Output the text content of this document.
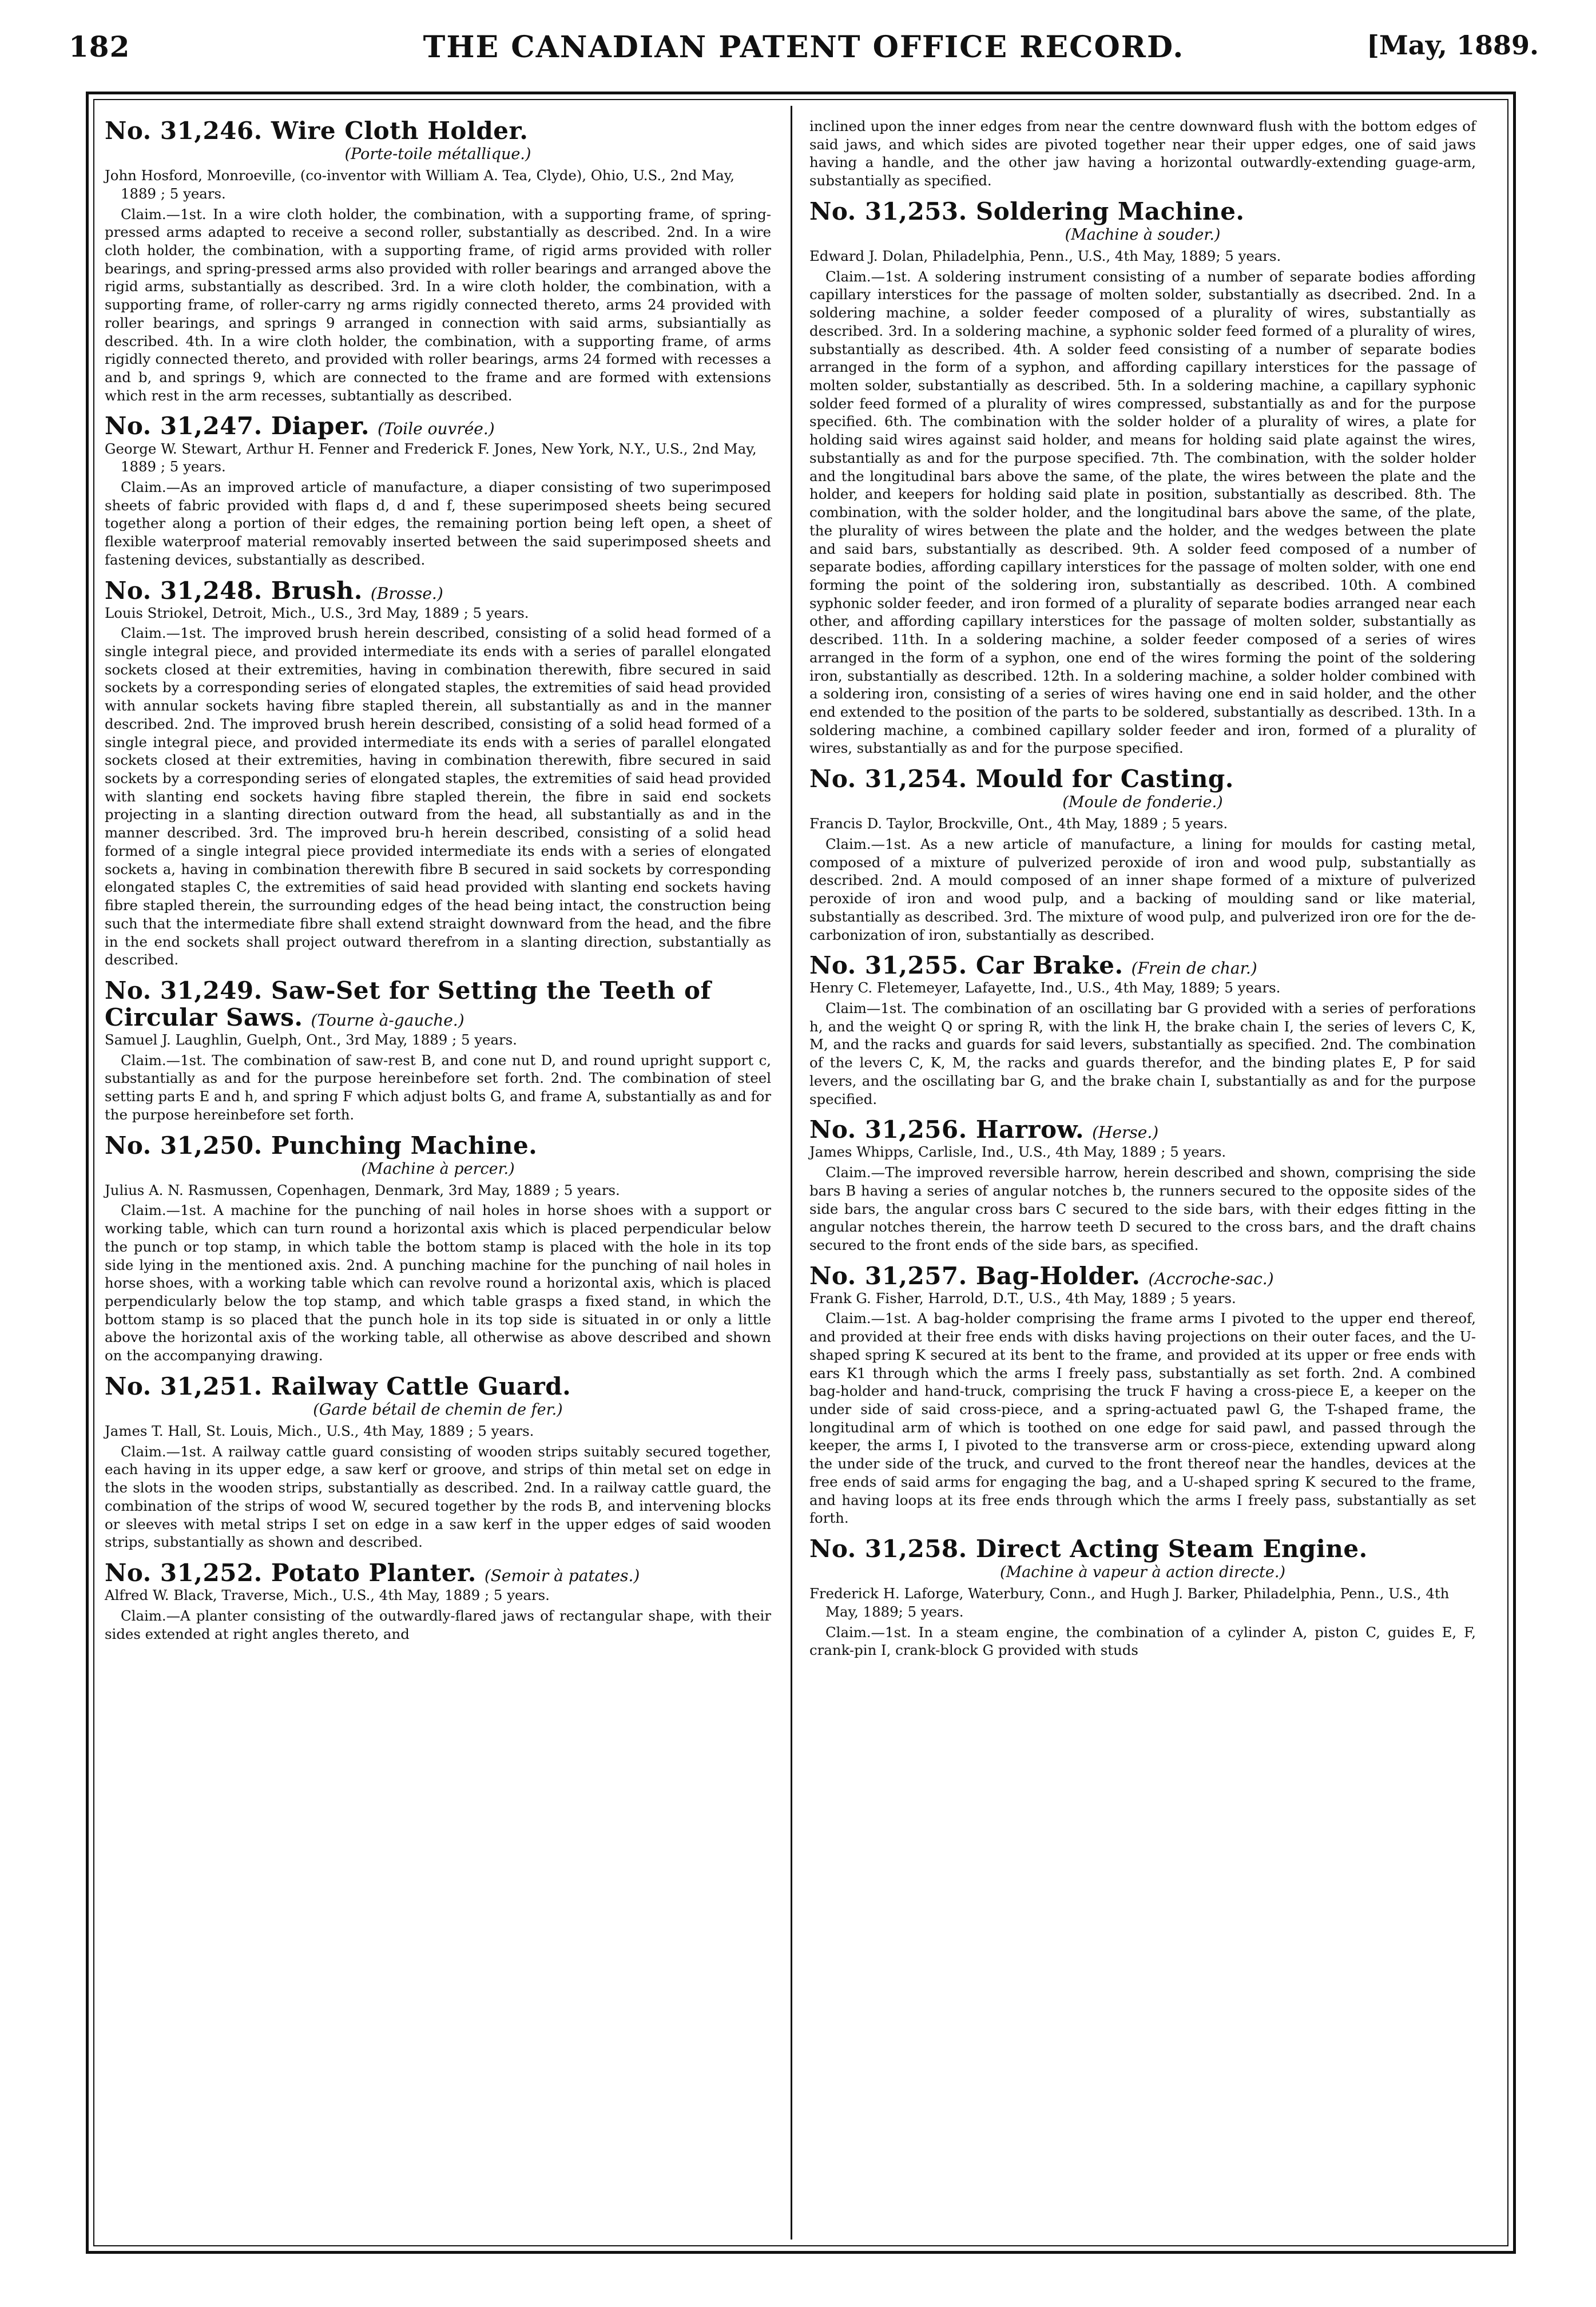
182	THE CANADIAN PATENT OFFICE RECORD.	[May, 1889.

No. 31,246. Wire Cloth Holder.

(Porte-toile métallique.)

John Hosford, Monroeville, (co-inventor with William A. Tea, Clyde), Ohio, U.S., 2nd May, 1889 ; 5 years.

Claim.—1st. In a wire cloth holder, the combination, with a supporting frame, of spring-pressed arms adapted to receive a second roller, substantially as described. 2nd. In a wire cloth holder, the combination, with a supporting frame, of rigid arms provided with roller bearings, and spring-pressed arms also provided with roller bearings and arranged above the rigid arms, substantially as described. 3rd. In a wire cloth holder, the combination, with a supporting frame, of roller-carry ng arms rigidly connected thereto, arms 24 provided with roller bearings, and springs 9 arranged in connection with said arms, subsiantially as described. 4th. In a wire cloth holder, the combination, with a supporting frame, of arms rigidly connected thereto, and provided with roller bearings, arms 24 formed with recesses a and b, and springs 9, which are connected to the frame and are formed with extensions which rest in the arm recesses, subtantially as described.

No. 31,247. Diaper. (Toile ouvrée.)

George W. Stewart, Arthur H. Fenner and Frederick F. Jones, New York, N.Y., U.S., 2nd May, 1889 ; 5 years.

Claim.—As an improved article of manufacture, a diaper consisting of two superimposed sheets of fabric provided with flaps d, d and f, these superimposed sheets being secured together along a portion of their edges, the remaining portion being left open, a sheet of flexible waterproof material removably inserted between the said superimposed sheets and fastening devices, substantially as described.

No. 31,248. Brush. (Brosse.)

Louis Striokel, Detroit, Mich., U.S., 3rd May, 1889 ; 5 years.

Claim.—1st. The improved brush herein described, consisting of a solid head formed of a single integral piece, and provided intermediate its ends with a series of parallel elongated sockets closed at their extremities, having in combination therewith, fibre secured in said sockets by a corresponding series of elongated staples, the extremities of said head provided with annular sockets having fibre stapled therein, all substantially as and in the manner described. 2nd. The improved brush herein described, consisting of a solid head formed of a single integral piece, and provided intermediate its ends with a series of parallel elongated sockets closed at their extremities, having in combination therewith, fibre secured in said sockets by a corresponding series of elongated staples, the extremities of said head provided with slanting end sockets having fibre stapled therein, the fibre in said end sockets projecting in a slanting direction outward from the head, all substantially as and in the manner described. 3rd. The improved bru-h herein described, consisting of a solid head formed of a single integral piece provided intermediate its ends with a series of elongated sockets a, having in combination therewith fibre B secured in said sockets by corresponding elongated staples C, the extremities of said head provided with slanting end sockets having fibre stapled therein, the surrounding edges of the head being intact, the construction being such that the intermediate fibre shall extend straight downward from the head, and the fibre in the end sockets shall project outward therefrom in a slanting direction, substantially as described.

No. 31,249. Saw-Set for Setting the Teeth of Circular Saws. (Tourne à-gauche.)

Samuel J. Laughlin, Guelph, Ont., 3rd May, 1889 ; 5 years.

Claim.—1st. The combination of saw-rest B, and cone nut D, and round upright support c, substantially as and for the purpose hereinbefore set forth. 2nd. The combination of steel setting parts E and h, and spring F which adjust bolts G, and frame A, substantially as and for the purpose hereinbefore set forth.

No. 31,250. Punching Machine.

(Machine à percer.)

Julius A. N. Rasmussen, Copenhagen, Denmark, 3rd May, 1889 ; 5 years.

Claim.—1st. A machine for the punching of nail holes in horse shoes with a support or working table, which can turn round a horizontal axis which is placed perpendicular below the punch or top stamp, in which table the bottom stamp is placed with the hole in its top side lying in the mentioned axis. 2nd. A punching machine for the punching of nail holes in horse shoes, with a working table which can revolve round a horizontal axis, which is placed perpendicularly below the top stamp, and which table grasps a fixed stand, in which the bottom stamp is so placed that the punch hole in its top side is situated in or only a little above the horizontal axis of the working table, all otherwise as above described and shown on the accompanying drawing.

No. 31,251. Railway Cattle Guard.

(Garde bétail de chemin de fer.)

James T. Hall, St. Louis, Mich., U.S., 4th May, 1889 ; 5 years.

Claim.—1st. A railway cattle guard consisting of wooden strips suitably secured together, each having in its upper edge, a saw kerf or groove, and strips of thin metal set on edge in the slots in the wooden strips, substantially as described. 2nd. In a railway cattle guard, the combination of the strips of wood W, secured together by the rods B, and intervening blocks or sleeves with metal strips I set on edge in a saw kerf in the upper edges of said wooden strips, substantially as shown and described.

No. 31,252. Potato Planter. (Semoir à patates.)

Alfred W. Black, Traverse, Mich., U.S., 4th May, 1889 ; 5 years.

Claim.—A planter consisting of the outwardly-flared jaws of rectangular shape, with their sides extended at right angles thereto, and

inclined upon the inner edges from near the centre downward flush with the bottom edges of said jaws, and which sides are pivoted together near their upper edges, one of said jaws having a handle, and the other jaw having a horizontal outwardly-extending guage-arm, substantially as specified.

No. 31,253. Soldering Machine.

(Machine à souder.)

Edward J. Dolan, Philadelphia, Penn., U.S., 4th May, 1889; 5 years.

Claim.—1st. A soldering instrument consisting of a number of separate bodies affording capillary interstices for the passage of molten solder, substantially as dsecribed. 2nd. In a soldering machine, a solder feeder composed of a plurality of wires, substantially as described. 3rd. In a soldering machine, a syphonic solder feed formed of a plurality of wires, substantially as described. 4th. A solder feed consisting of a number of separate bodies arranged in the form of a syphon, and affording capillary interstices for the passage of molten solder, substantially as described. 5th. In a soldering machine, a capillary syphonic solder feed formed of a plurality of wires compressed, substantially as and for the purpose specified. 6th. The combination with the solder holder of a plurality of wires, a plate for holding said wires against said holder, and means for holding said plate against the wires, substantially as and for the purpose specified. 7th. The combination, with the solder holder and the longitudinal bars above the same, of the plate, the wires between the plate and the holder, and keepers for holding said plate in position, substantially as described. 8th. The combination, with the solder holder, and the longitudinal bars above the same, of the plate, the plurality of wires between the plate and the holder, and the wedges between the plate and said bars, substantially as described. 9th. A solder feed composed of a number of separate bodies, affording capillary interstices for the passage of molten solder, with one end forming the point of the soldering iron, substantially as described. 10th. A combined syphonic solder feeder, and iron formed of a plurality of separate bodies arranged near each other, and affording capillary interstices for the passage of molten solder, substantially as described. 11th. In a soldering machine, a solder feeder composed of a series of wires arranged in the form of a syphon, one end of the wires forming the point of the soldering iron, substantially as described. 12th. In a soldering machine, a solder holder combined with a soldering iron, consisting of a series of wires having one end in said holder, and the other end extended to the position of the parts to be soldered, substantially as described. 13th. In a soldering machine, a combined capillary solder feeder and iron, formed of a plurality of wires, substantially as and for the purpose specified.

No. 31,254. Mould for Casting.

(Moule de fonderie.)

Francis D. Taylor, Brockville, Ont., 4th May, 1889 ; 5 years.

Claim.—1st. As a new article of manufacture, a lining for moulds for casting metal, composed of a mixture of pulverized peroxide of iron and wood pulp, substantially as described. 2nd. A mould composed of an inner shape formed of a mixture of pulverized peroxide of iron and wood pulp, and a backing of moulding sand or like material, substantially as described. 3rd. The mixture of wood pulp, and pulverized iron ore for the de-carbonization of iron, substantially as described.

No. 31,255. Car Brake. (Frein de char.)

Henry C. Fletemeyer, Lafayette, Ind., U.S., 4th May, 1889; 5 years.

Claim—1st. The combination of an oscillating bar G provided with a series of perforations h, and the weight Q or spring R, with the link H, the brake chain I, the series of levers C, K, M, and the racks and guards for said levers, substantially as specified. 2nd. The combination of the levers C, K, M, the racks and guards therefor, and the binding plates E, P for said levers, and the oscillating bar G, and the brake chain I, substantially as and for the purpose specified.

No. 31,256. Harrow. (Herse.)

James Whipps, Carlisle, Ind., U.S., 4th May, 1889 ; 5 years.

Claim.—The improved reversible harrow, herein described and shown, comprising the side bars B having a series of angular notches b, the runners secured to the opposite sides of the side bars, the angular cross bars C secured to the side bars, with their edges fitting in the angular notches therein, the harrow teeth D secured to the cross bars, and the draft chains secured to the front ends of the side bars, as specified.

No. 31,257. Bag-Holder. (Accroche-sac.)

Frank G. Fisher, Harrold, D.T., U.S., 4th May, 1889 ; 5 years.

Claim.—1st. A bag-holder comprising the frame arms I pivoted to the upper end thereof, and provided at their free ends with disks having projections on their outer faces, and the U-shaped spring K secured at its bent to the frame, and provided at its upper or free ends with ears K1 through which the arms I freely pass, substantially as set forth. 2nd. A combined bag-holder and hand-truck, comprising the truck F having a cross-piece E, a keeper on the under side of said cross-piece, and a spring-actuated pawl G, the T-shaped frame, the longitudinal arm of which is toothed on one edge for said pawl, and passed through the keeper, the arms I, I pivoted to the transverse arm or cross-piece, extending upward along the under side of the truck, and curved to the front thereof near the handles, devices at the free ends of said arms for engaging the bag, and a U-shaped spring K secured to the frame, and having loops at its free ends through which the arms I freely pass, substantially as set forth.

No. 31,258. Direct Acting Steam Engine.

(Machine à vapeur à action directe.)

Frederick H. Laforge, Waterbury, Conn., and Hugh J. Barker, Philadelphia, Penn., U.S., 4th May, 1889; 5 years.

Claim.—1st. In a steam engine, the combination of a cylinder A, piston C, guides E, F, crank-pin I, crank-block G provided with studs
